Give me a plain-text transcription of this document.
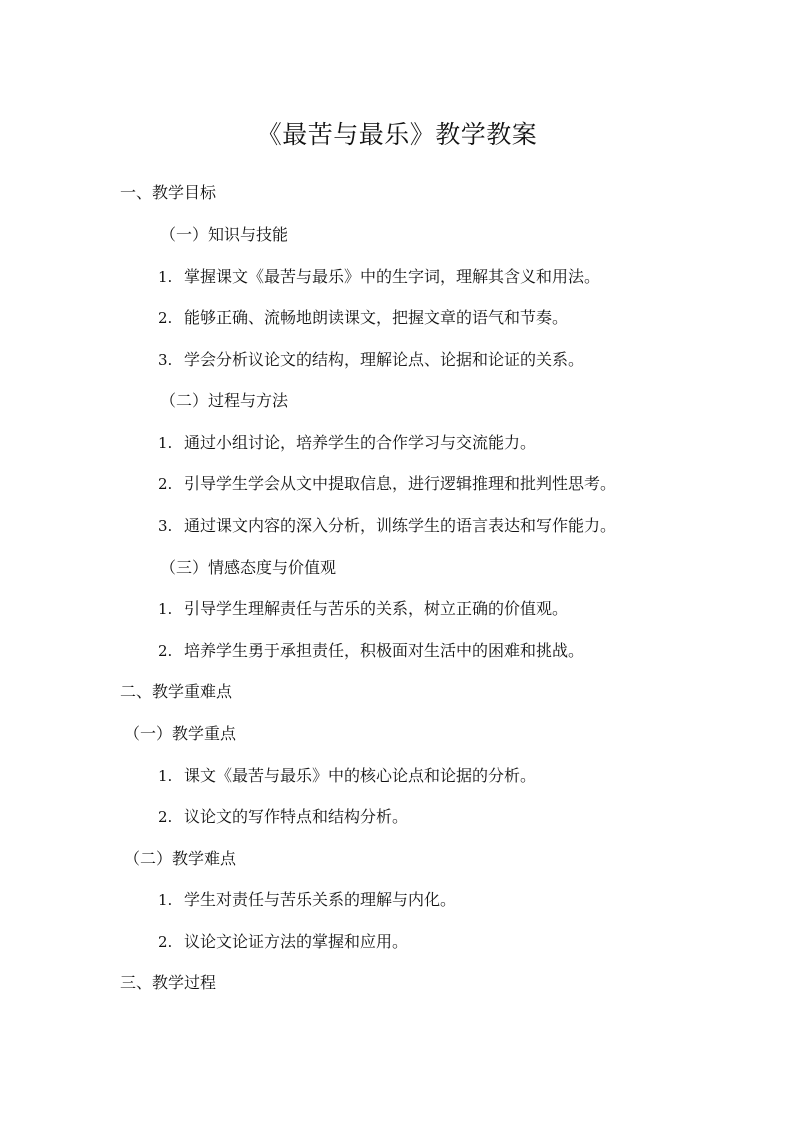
《最苦与最乐》教学教案
一、教学目标
（一）知识与技能
1. 掌握课文《最苦与最乐》中的生字词，理解其含义和用法。
2. 能够正确、流畅地朗读课文，把握文章的语气和节奏。
3. 学会分析议论文的结构，理解论点、论据和论证的关系。
（二）过程与方法
1. 通过小组讨论，培养学生的合作学习与交流能力。
2. 引导学生学会从文中提取信息，进行逻辑推理和批判性思考。
3. 通过课文内容的深入分析，训练学生的语言表达和写作能力。
（三）情感态度与价值观
1. 引导学生理解责任与苦乐的关系，树立正确的价值观。
2. 培养学生勇于承担责任，积极面对生活中的困难和挑战。
二、教学重难点
（一）教学重点
1. 课文《最苦与最乐》中的核心论点和论据的分析。
2. 议论文的写作特点和结构分析。
（二）教学难点
1. 学生对责任与苦乐关系的理解与内化。
2. 议论文论证方法的掌握和应用。
三、教学过程
